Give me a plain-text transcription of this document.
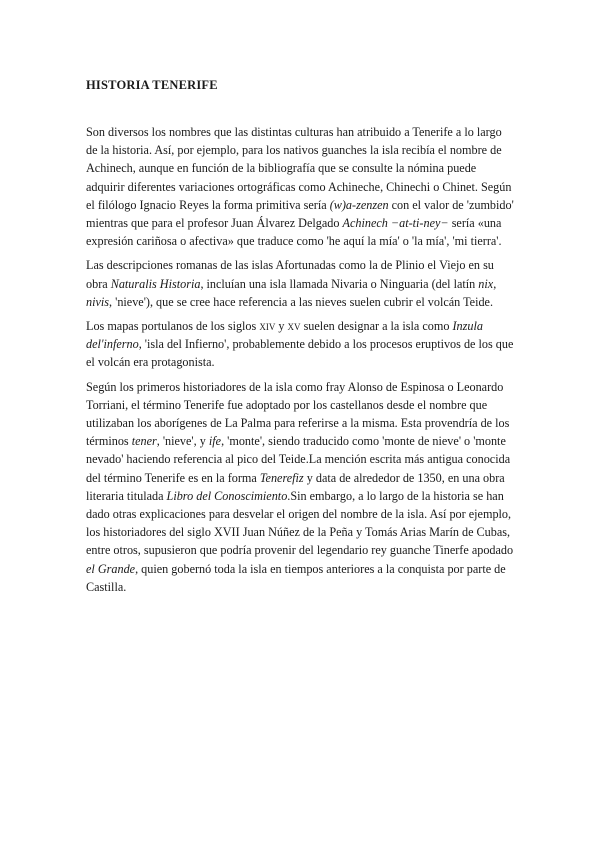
HISTORIA TENERIFE

Son diversos los nombres que las distintas culturas han atribuido a Tenerife a lo largo de la historia. Así, por ejemplo, para los nativos guanches la isla recibía el nombre de Achinech, aunque en función de la bibliografía que se consulte la nómina puede adquirir diferentes variaciones ortográficas como Achineche, Chinechi o Chinet. Según el filólogo Ignacio Reyes la forma primitiva sería (w)a-zenzen con el valor de 'zumbido' mientras que para el profesor Juan Álvarez Delgado Achinech −at-ti-ney− sería «una expresión cariñosa o afectiva» que traduce como 'he aquí la mía' o 'la mía', 'mi tierra'.

Las descripciones romanas de las islas Afortunadas como la de Plinio el Viejo en su obra Naturalis Historia, incluían una isla llamada Nivaria o Ninguaria (del latín nix, nivis, 'nieve'), que se cree hace referencia a las nieves suelen cubrir el volcán Teide.

Los mapas portulanos de los siglos xiv y xv suelen designar a la isla como Inzula del'inferno, 'isla del Infierno', probablemente debido a los procesos eruptivos de los que el volcán era protagonista.

Según los primeros historiadores de la isla como fray Alonso de Espinosa o Leonardo Torriani, el término Tenerife fue adoptado por los castellanos desde el nombre que utilizaban los aborígenes de La Palma para referirse a la misma. Esta provendría de los términos tener, 'nieve', y ife, 'monte', siendo traducido como 'monte de nieve' o 'monte nevado' haciendo referencia al pico del Teide.La mención escrita más antigua conocida del término Tenerife es en la forma Tenerefiz y data de alrededor de 1350, en una obra literaria titulada Libro del Conoscimiento.Sin embargo, a lo largo de la historia se han dado otras explicaciones para desvelar el origen del nombre de la isla. Así por ejemplo, los historiadores del siglo XVII Juan Núñez de la Peña y Tomás Arias Marín de Cubas, entre otros, supusieron que podría provenir del legendario rey guanche Tinerfe apodado el Grande, quien gobernó toda la isla en tiempos anteriores a la conquista por parte de Castilla.
